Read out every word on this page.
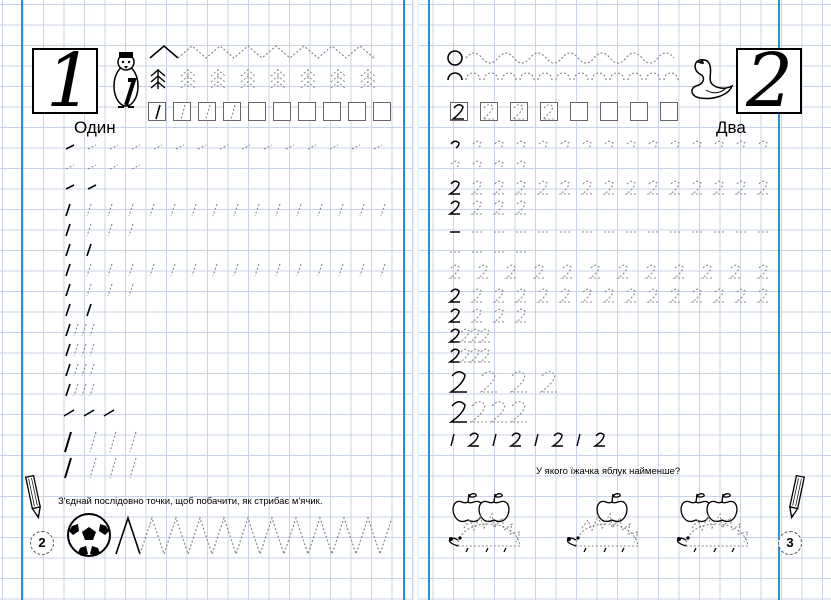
1
Один
З'єднай послідовно точки, щоб побачити, як стрибає м'ячик.
2
2
Два
У якого їжачка яблук найменше?
3
